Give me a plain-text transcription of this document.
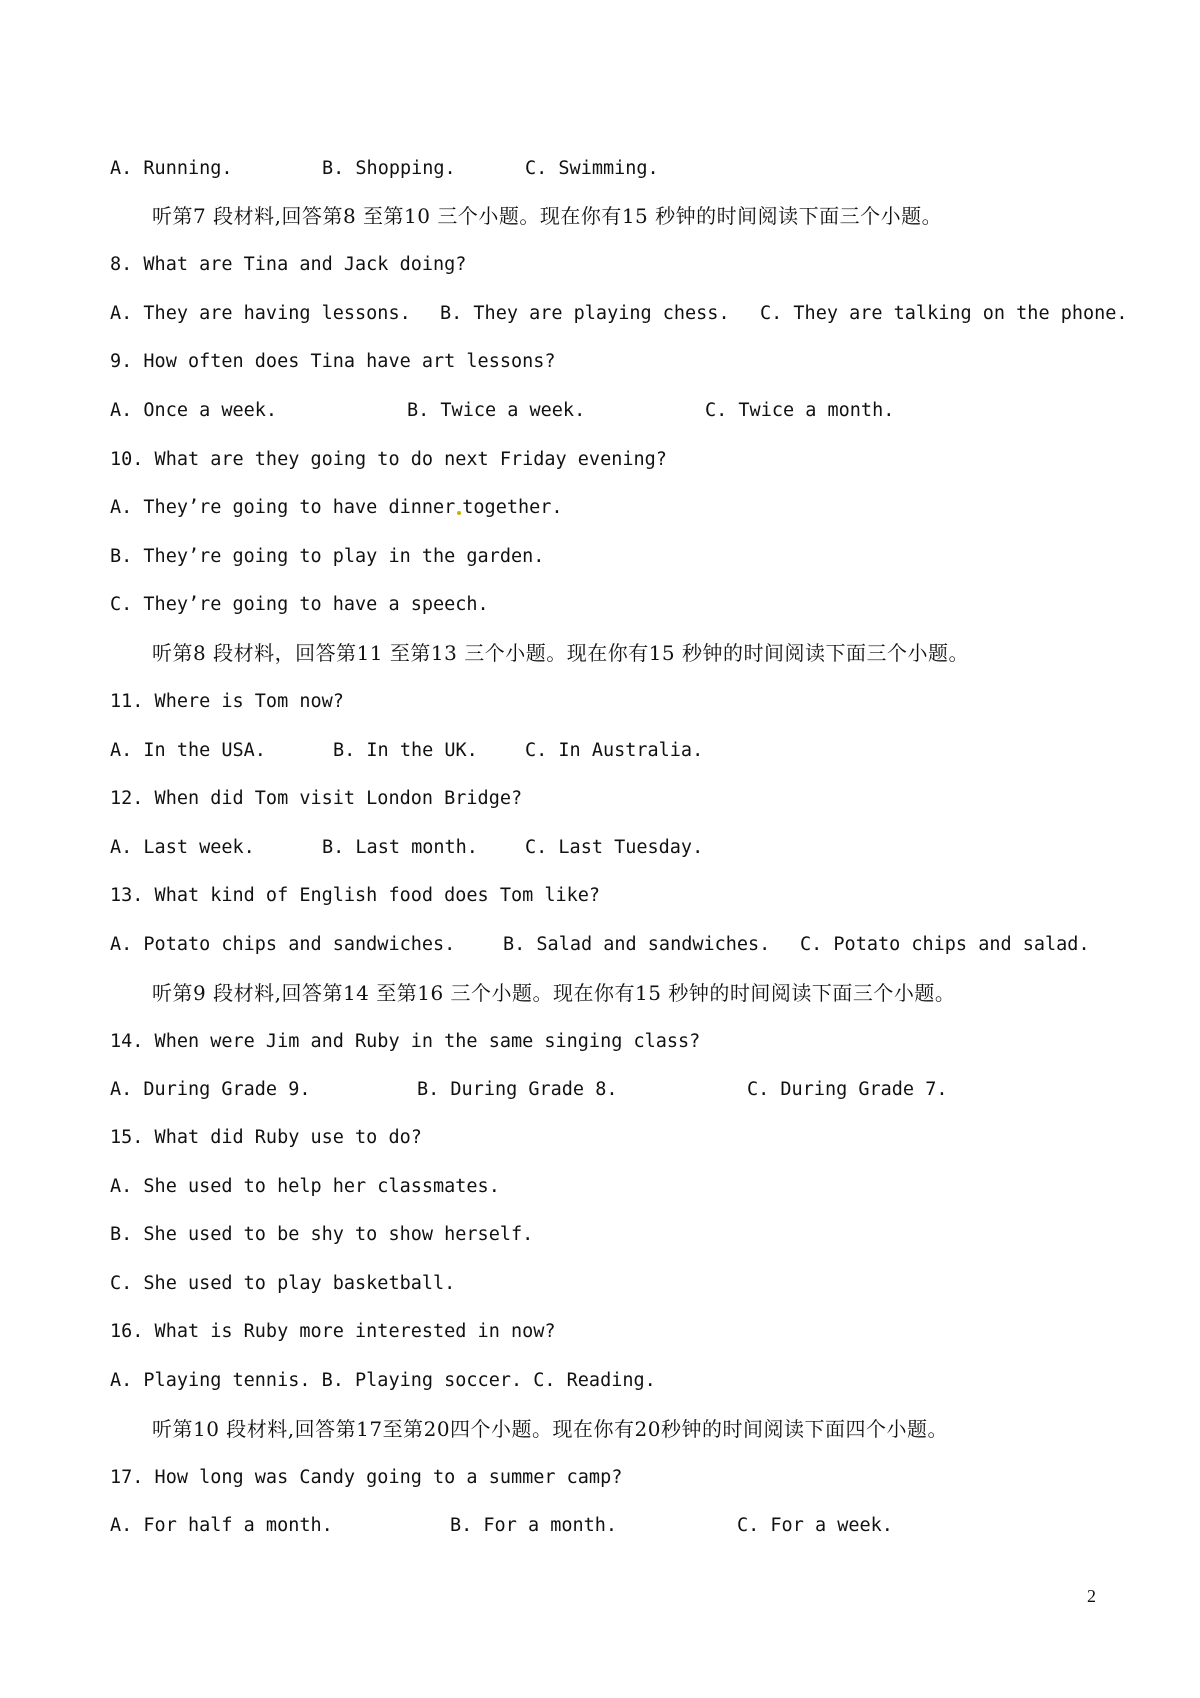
A. Running.	B. Shopping.	C. Swimming.
听第7 段材料,回答第8 至第10 三个小题。现在你有15 秒钟的时间阅读下面三个小题。
8. What are Tina and Jack doing?
A. They are having lessons. B. They are playing chess. C. They are talking on the phone.
9. How often does Tina have art lessons?
A. Once a week.	B. Twice a week.	C. Twice a month.
10. What are they going to do next Friday evening?
A. They’re going to have dinner together.
B. They’re going to play in the garden.
C. They’re going to have a speech.
听第8 段材料，回答第11 至第13 三个小题。现在你有15 秒钟的时间阅读下面三个小题。
11. Where is Tom now?
A. In the USA.	B. In the UK.	C. In Australia.
12. When did Tom visit London Bridge?
A. Last week.	B. Last month.	C. Last Tuesday.
13. What kind of English food does Tom like?
A. Potato chips and sandwiches.	B. Salad and sandwiches. C. Potato chips and salad.
听第9 段材料,回答第14 至第16 三个小题。现在你有15 秒钟的时间阅读下面三个小题。
14. When were Jim and Ruby in the same singing class?
A. During Grade 9.	B. During Grade 8.	C. During Grade 7.
15. What did Ruby use to do?
A. She used to help her classmates.
B. She used to be shy to show herself.
C. She used to play basketball.
16. What is Ruby more interested in now?
A. Playing tennis. B. Playing soccer. C. Reading.
听第10 段材料,回答第17至第20四个小题。现在你有20秒钟的时间阅读下面四个小题。
17. How long was Candy going to a summer camp?
A. For half a month.	B. For a month.	C. For a week.
2
